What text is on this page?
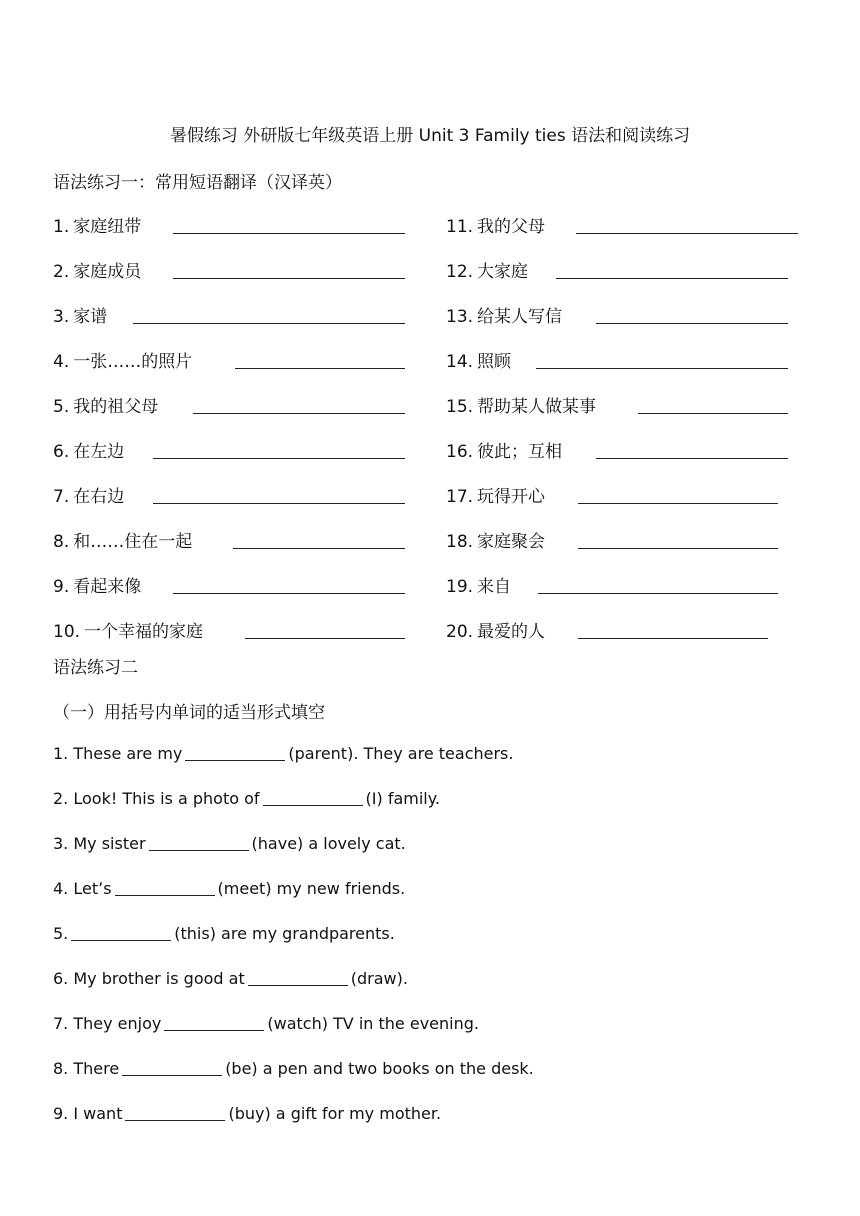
暑假练习 外研版七年级英语上册 Unit 3 Family ties 语法和阅读练习
语法练习一：常用短语翻译（汉译英）
1. 家庭纽带
2. 家庭成员
3. 家谱
4. 一张……的照片
5. 我的祖父母
6. 在左边
7. 在右边
8. 和……住在一起
9. 看起来像
10. 一个幸福的家庭
11. 我的父母
12. 大家庭
13. 给某人写信
14. 照顾
15. 帮助某人做某事
16. 彼此；互相
17. 玩得开心
18. 家庭聚会
19. 来自
20. 最爱的人
语法练习二
（一）用括号内单词的适当形式填空
1. These are my	(parent). They are teachers.
2. Look! This is a photo of	(I) family.
3. My sister	(have) a lovely cat.
4. Let’s	(meet) my new friends.
5.	(this) are my grandparents.
6. My brother is good at	(draw).
7. They enjoy	(watch) TV in the evening.
8. There	(be) a pen and two books on the desk.
9. I want	(buy) a gift for my mother.
